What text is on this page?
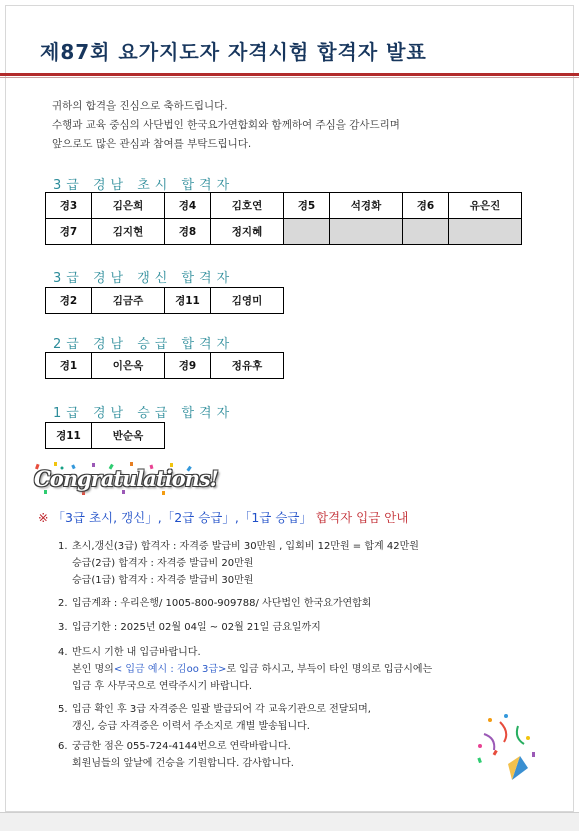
제87회 요가지도자 자격시험 합격자 발표
귀하의 합격을 진심으로 축하드립니다.
수행과 교육 중심의 사단법인 한국요가연합회와 함께하여 주심을 감사드리며
앞으로도 많은 관심과 참여를 부탁드립니다.
3급 경남 초시 합격자
경3	김은희	경4	김호연	경5	석경화	경6	유은진
경7	김지현	경8	정지혜				
3급 경남 갱신 합격자
경2	김금주	경11	김영미
2급 경남 승급 합격자
경1	이은옥	경9	정유후
1급 경남 승급 합격자
경11	반순옥
Congratulations!
※ 「3급 초시, 갱신」,「2급 승급」,「1급 승급」 합격자 입금 안내
1. 초시,갱신(3급) 합격자 : 자격증 발급비 30만원 , 입회비 12만원 = 합계 42만원
승급(2급) 합격자 : 자격증 발급비 20만원
승급(1급) 합격자 : 자격증 발급비 30만원
2. 입금계좌 : 우리은행/ 1005-800-909788/ 사단법인 한국요가연합회
3. 입금기한 : 2025년 02월 04일 ~ 02월 21일 금요일까지
4. 반드시 기한 내 입금바랍니다.
본인 명의< 입금 예시 : 김oo 3급>로 입금 하시고, 부득이 타인 명의로 입금시에는
입금 후 사무국으로 연락주시기 바랍니다.
5. 입금 확인 후 3급 자격증은 일괄 발급되어 각 교육기관으로 전달되며,
갱신, 승급 자격증은 이력서 주소지로 개별 발송됩니다.
6. 궁금한 점은 055-724-4144번으로 연락바랍니다.
회원님들의 앞날에 건승을 기원합니다. 감사합니다.
